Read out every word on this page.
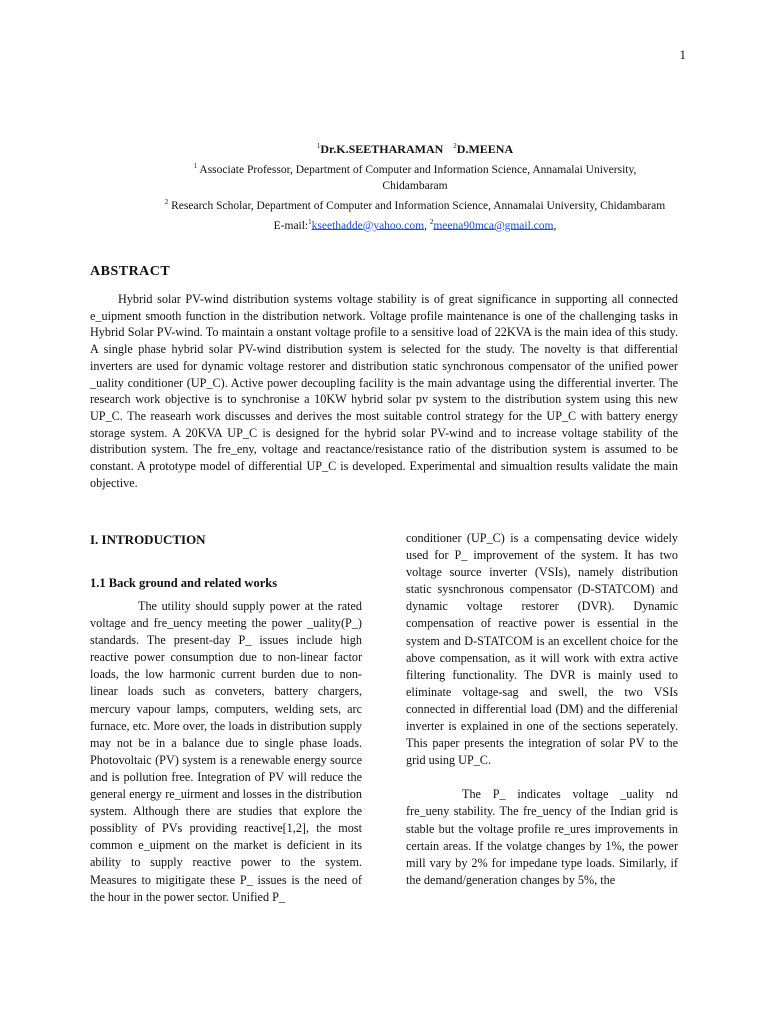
1
$^1$Dr.K.SEETHARAMAN $^2$D.MEENA
$^1$ Associate Professor, Department of Computer and Information Science, Annamalai University, Chidambaram
$^2$ Research Scholar, Department of Computer and Information Science, Annamalai University, Chidambaram
E-mail:$^1$kseethadde@yahoo.com, $^2$meena90mca@gmail.com,
ABSTRACT

Hybrid solar PV-wind distribution systems voltage stability is of great significance in supporting all connected e_uipment smooth function in the distribution network. Voltage profile maintenance is one of the challenging tasks in Hybrid Solar PV-wind. To maintain a onstant voltage profile to a sensitive load of 22KVA is the main idea of this study. A single phase hybrid solar PV-wind distribution system is selected for the study. The novelty is that differential inverters are used for dynamic voltage restorer and distribution static synchronous compensator of the unified power _uality conditioner (UP_C). Active power decoupling facility is the main advantage using the differential inverter. The research work objective is to synchronise a 10KW hybrid solar pv system to the distribution system using this new UP_C. The reasearh work discusses and derives the most suitable control strategy for the UP_C with battery energy storage system. A 20KVA UP_C is designed for the hybrid solar PV-wind and to increase voltage stability of the distribution system. The fre_eny, voltage and reactance/resistance ratio of the distribution system is assumed to be constant. A prototype model of differential UP_C is developed. Experimental and simualtion results validate the main objective.

I. INTRODUCTION
1.1 Back ground and related works

The utility should supply power at the rated voltage and fre_uency meeting the power _uality(P_) standards. The present-day P_ issues include high reactive power consumption due to non-linear factor loads, the low harmonic current burden due to non-linear loads such as conveters, battery chargers, mercury vapour lamps, computers, welding sets, arc furnace, etc. More over, the loads in distribution supply may not be in a balance due to single phase loads. Photovoltaic (PV) system is a renewable energy source and is pollution free. Integration of PV will reduce the general energy re_uirment and losses in the distribution system. Although there are studies that explore the possiblity of PVs providing reactive[1,2], the most common e_uipment on the market is deficient in its ability to supply reactive power to the system. Measures to migitigate these P_ issues is the need of the hour in the power sector. Unified P_

conditioner (UP_C) is a compensating device widely used for P_ improvement of the system. It has two voltage source inverter (VSIs), namely distribution static sysnchronous compensator (D-STATCOM) and dynamic voltage restorer (DVR). Dynamic compensation of reactive power is essential in the system and D-STATCOM is an excellent choice for the above compensation, as it will work with extra active filtering functionality. The DVR is mainly used to eliminate voltage-sag and swell, the two VSIs connected in differential load (DM) and the differenial inverter is explained in one of the sections seperately. This paper presents the integration of solar PV to the grid using UP_C.

The P_ indicates voltage _uality nd fre_ueny stability. The fre_uency of the Indian grid is stable but the voltage profile re_ures improvements in certain areas. If the volatge changes by 1%, the power mill vary by 2% for impedane type loads. Similarly, if the demand/generation changes by 5%, the
